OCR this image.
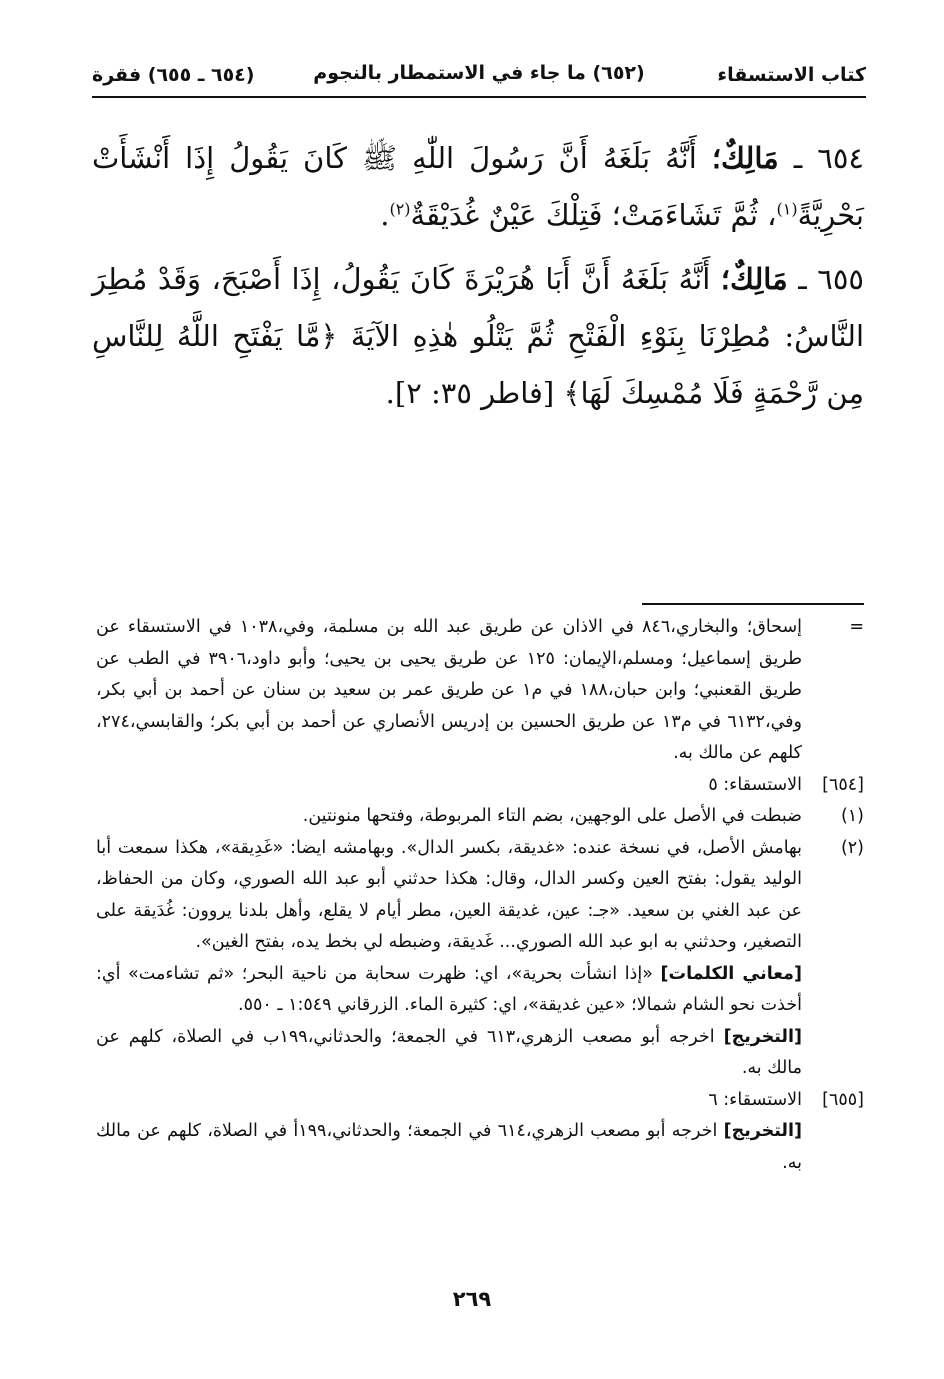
كتاب الاستسقاء
(٦٥٢) ما جاء في الاستمطار بالنجوم
(٦٥٤ ـ ٦٥٥) فقرة

٦٥٤ ـ مَالِكٌ؛ أَنَّهُ بَلَغَهُ أَنَّ رَسُولَ اللّٰهِ ﷺ كَانَ يَقُولُ إِذَا أَنْشَأَتْ بَحْرِيَّةً$^{(١)}$، ثُمَّ تَشَاءَمَتْ؛ فَتِلْكَ عَيْنٌ غُدَيْقَةٌ$^{(٢)}$.

٦٥٥ ـ مَالِكٌ؛ أَنَّهُ بَلَغَهُ أَنَّ أَبَا هُرَيْرَةَ كَانَ يَقُولُ، إِذَا أَصْبَحَ، وَقَدْ مُطِرَ النَّاسُ: مُطِرْنَا بِنَوْءِ الْفَتْحِ ثُمَّ يَتْلُو هٰذِهِ الآيَةَ ﴿مَّا يَفْتَحِ اللَّهُ لِلنَّاسِ مِن رَّحْمَةٍ فَلَا مُمْسِكَ لَهَا﴾ [فاطر ٣٥: ٢].

=
إسحاق؛ والبخاري،٨٤٦ في الاذان عن طريق عبد الله بن مسلمة، وفي،١٠٣٨ في الاستسقاء عن طريق إسماعيل؛ ومسلم،الإيمان: ١٢٥ عن طريق يحيى بن يحيى؛ وأبو داود،٣٩٠٦ في الطب عن طريق القعنبي؛ وابن حبان،١٨٨ في م١ عن طريق عمر بن سعيد بن سنان عن أحمد بن أبي بكر، وفي،٦١٣٢ في م١٣ عن طريق الحسين بن إدريس الأنصاري عن أحمد بن أبي بكر؛ والقابسي،٢٧٤، كلهم عن مالك به.
[٦٥٤]
الاستسقاء: ٥
(١)
ضبطت في الأصل على الوجهين، بضم التاء المربوطة، وفتحها منونتين.
(٢)
بهامش الأصل، في نسخة عنده: «غديقة، بكسر الدال». وبهامشه ايضا: «غَدِيقة»، هكذا سمعت أبا الوليد يقول: بفتح العين وكسر الدال، وقال: هكذا حدثني أبو عبد الله الصوري، وكان من الحفاظ، عن عبد الغني بن سعيد. «جـ: عين، غديقة العين، مطر أيام لا يقلع، وأهل بلدنا يروون: غُدَيقة على التصغير، وحدثني به ابو عبد الله الصوري... غَديقة، وضبطه لي بخط يده، بفتح الغين».
[معاني الكلمات] «إذا انشأت بحرية»، اي: ظهرت سحابة من ناحية البحر؛ «ثم تشاءمت» أي: أخذت نحو الشام شمالا؛ «عين غديقة»، اي: كثيرة الماء. الزرقاني ١:٥٤٩ ـ ٥٥٠.
[التخريج] اخرجه أبو مصعب الزهري،٦١٣ في الجمعة؛ والحدثاني،١٩٩ب في الصلاة، كلهم عن مالك به.
[٦٥٥]
الاستسقاء: ٦
[التخريج] اخرجه أبو مصعب الزهري،٦١٤ في الجمعة؛ والحدثاني،١٩٩أ في الصلاة، كلهم عن مالك به.
٢٦٩
